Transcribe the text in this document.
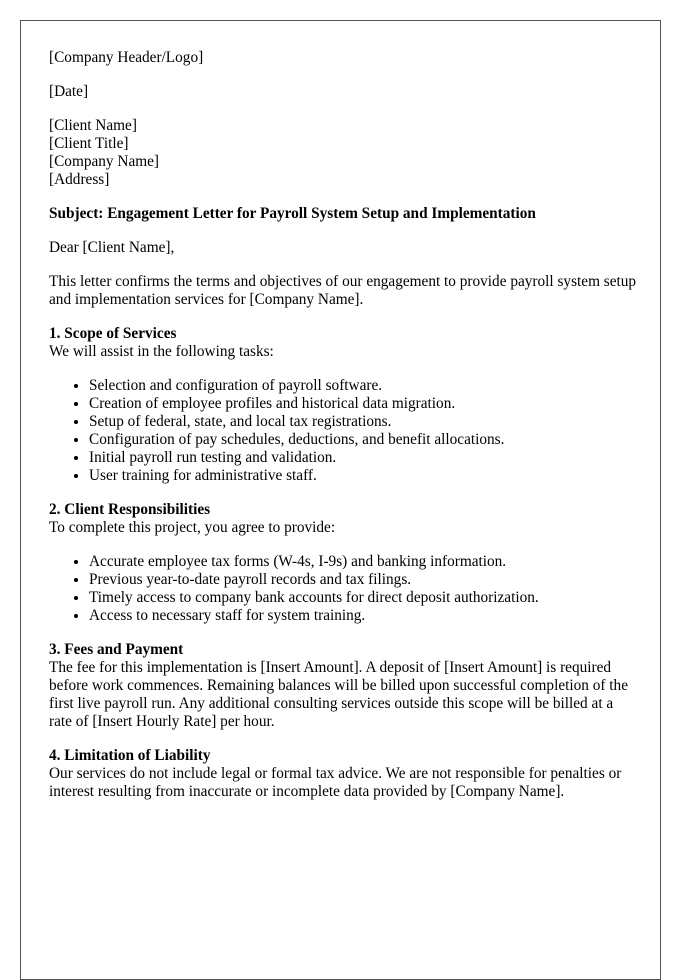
[Company Header/Logo]

[Date]

[Client Name]
[Client Title]
[Company Name]
[Address]

Subject: Engagement Letter for Payroll System Setup and Implementation

Dear [Client Name],

This letter confirms the terms and objectives of our engagement to provide payroll system setup and implementation services for [Company Name].

1. Scope of Services

We will assist in the following tasks:

• Selection and configuration of payroll software.
• Creation of employee profiles and historical data migration.
• Setup of federal, state, and local tax registrations.
• Configuration of pay schedules, deductions, and benefit allocations.
• Initial payroll run testing and validation.
• User training for administrative staff.

2. Client Responsibilities

To complete this project, you agree to provide:

• Accurate employee tax forms (W-4s, I-9s) and banking information.
• Previous year-to-date payroll records and tax filings.
• Timely access to company bank accounts for direct deposit authorization.
• Access to necessary staff for system training.

3. Fees and Payment

The fee for this implementation is [Insert Amount]. A deposit of [Insert Amount] is required before work commences. Remaining balances will be billed upon successful completion of the first live payroll run. Any additional consulting services outside this scope will be billed at a rate of [Insert Hourly Rate] per hour.

4. Limitation of Liability

Our services do not include legal or formal tax advice. We are not responsible for penalties or interest resulting from inaccurate or incomplete data provided by [Company Name].
